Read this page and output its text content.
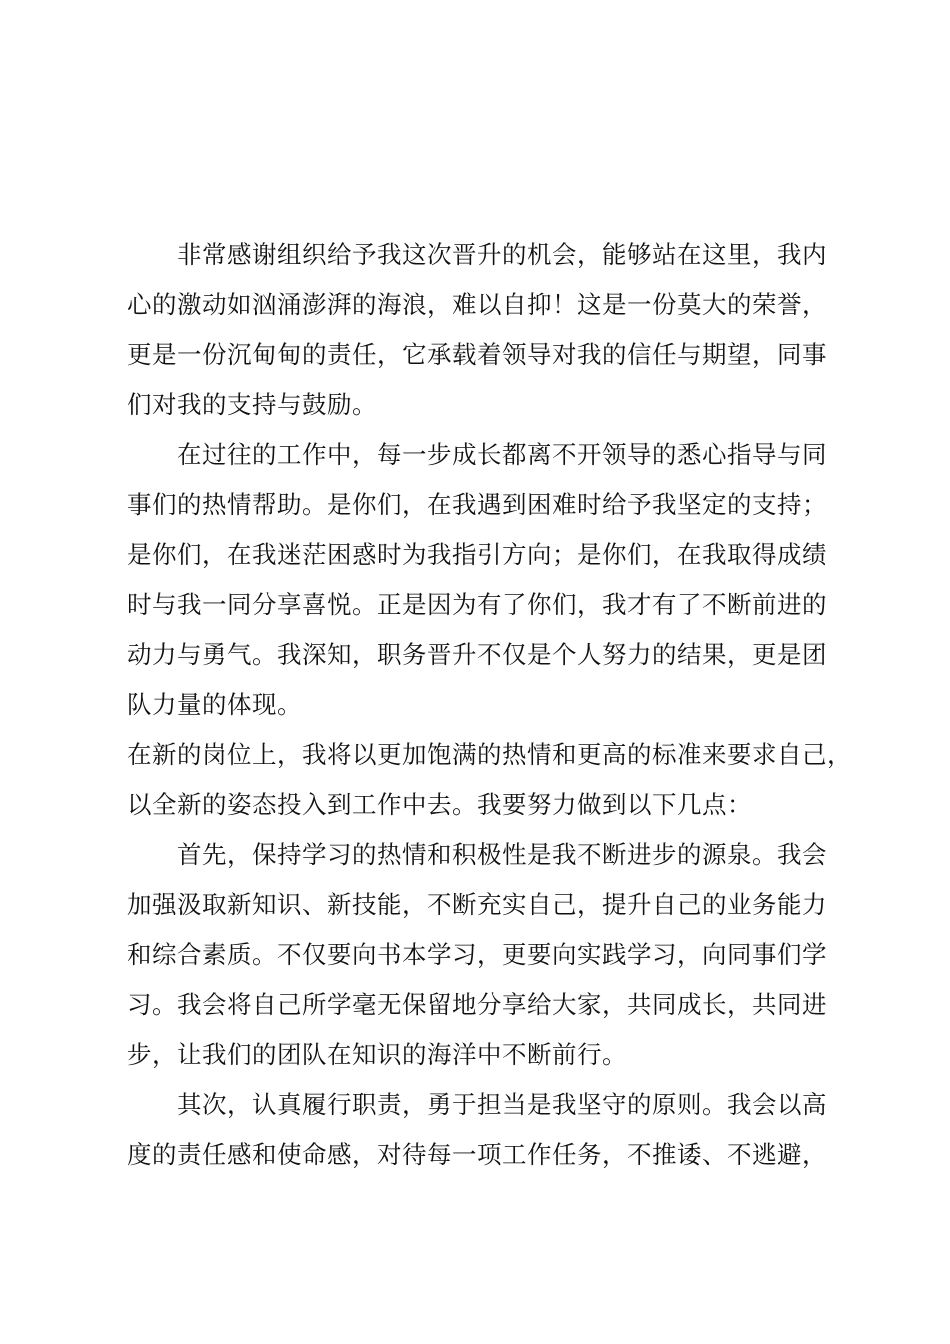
非常感谢组织给予我这次晋升的机会，能够站在这里，我内
心的激动如汹涌澎湃的海浪，难以自抑！这是一份莫大的荣誉，
更是一份沉甸甸的责任，它承载着领导对我的信任与期望，同事
们对我的支持与鼓励。
在过往的工作中，每一步成长都离不开领导的悉心指导与同
事们的热情帮助。是你们，在我遇到困难时给予我坚定的支持；
是你们，在我迷茫困惑时为我指引方向；是你们，在我取得成绩
时与我一同分享喜悦。正是因为有了你们，我才有了不断前进的
动力与勇气。我深知，职务晋升不仅是个人努力的结果，更是团
队力量的体现。
在新的岗位上，我将以更加饱满的热情和更高的标准来要求自己，
以全新的姿态投入到工作中去。我要努力做到以下几点：
首先，保持学习的热情和积极性是我不断进步的源泉。我会
加强汲取新知识、新技能，不断充实自己，提升自己的业务能力
和综合素质。不仅要向书本学习，更要向实践学习，向同事们学
习。我会将自己所学毫无保留地分享给大家，共同成长，共同进
步，让我们的团队在知识的海洋中不断前行。
其次，认真履行职责，勇于担当是我坚守的原则。我会以高
度的责任感和使命感，对待每一项工作任务，不推诿、不逃避，
